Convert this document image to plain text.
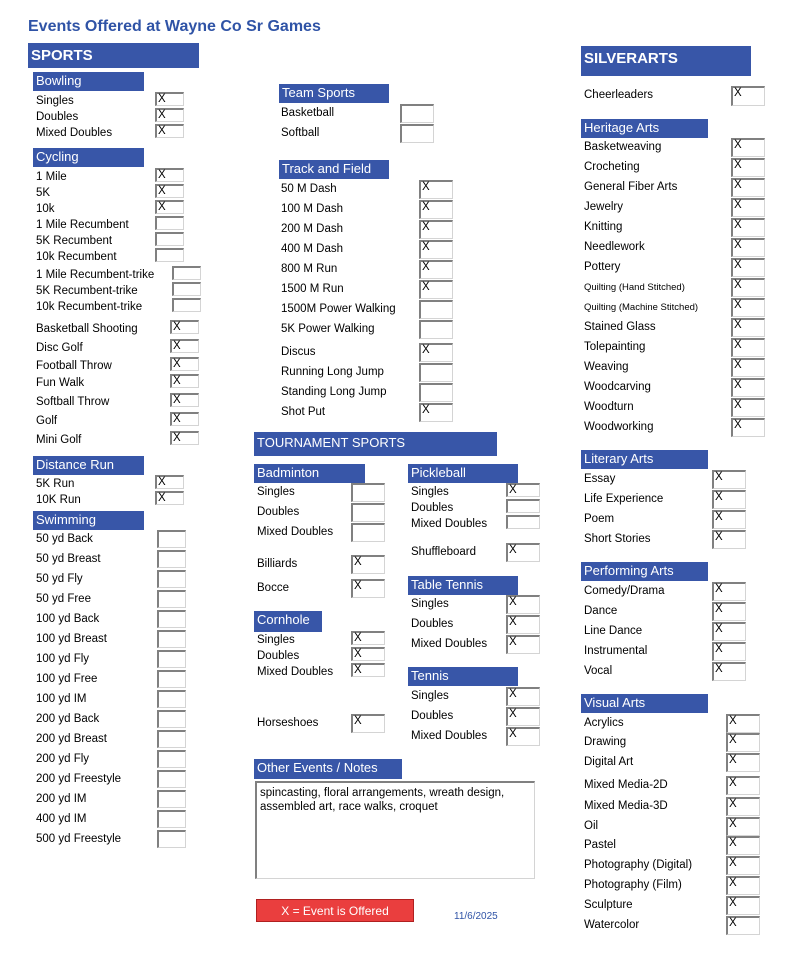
Events Offered at Wayne Co Sr Games
SPORTS	SILVERARTS
Bowling
Cycling
Distance Run
Swimming
Team Sports
Track and Field
TOURNAMENT SPORTS
Badminton	Pickleball
Table Tennis
Cornhole
Tennis
Other Events / Notes
Heritage Arts
Literary Arts
Performing Arts
Visual Arts
Singles	X
Doubles	X
Mixed Doubles	X
1 Mile	X
5K	X
10k	X
1 Mile Recumbent
5K Recumbent
10k Recumbent
1 Mile Recumbent-trike
5K Recumbent-trike
10k Recumbent-trike
Basketball Shooting	X
Disc Golf	X
Football Throw	X
Fun Walk	X
Softball Throw	X
Golf	X
Mini Golf	X
5K Run	X
10K Run	X
50 yd Back
50 yd Breast
50 yd Fly
50 yd Free
100 yd Back
100 yd Breast
100 yd Fly
100 yd Free
100 yd IM
200 yd Back
200 yd Breast
200 yd Fly
200 yd Freestyle
200 yd IM
400 yd IM
500 yd Freestyle
Basketball
Softball
50 M Dash	X
100 M Dash	X
200 M Dash	X
400 M Dash	X
800 M Run	X
1500 M Run	X
1500M Power Walking
5K Power Walking
Discus	X
Running Long Jump
Standing Long Jump
Shot Put	X
Singles
Doubles
Mixed Doubles
Billiards	X
Bocce	X
Singles	X
Doubles	X
Mixed Doubles X
Horseshoes	X
Singles	X
Doubles
Mixed Doubles
Shuffleboard	X
Singles	X
Doubles	X
Mixed Doubles X
Singles	X
Doubles	X
Mixed Doubles X
spincasting, floral arrangements, wreath design, assembled art, race walks, croquet
X = Event is Offered	11/6/2025
Cheerleaders	X
Basketweaving	X
Crocheting	X
General Fiber Arts	X
Jewelry	X
Knitting	X
Needlework	X
Pottery	X
Quilting (Hand Stitched)	X
Quilting (Machine Stitched)	X
Stained Glass	X
Tolepainting	X
Weaving	X
Woodcarving	X
Woodturn	X
Woodworking	X
Essay	X
Life Experience	X
Poem	X
Short Stories	X
Comedy/Drama	X
Dance	X
Line Dance	X
Instrumental	X
Vocal	X
Acrylics	X
Drawing	X
Digital Art	X
Mixed Media-2D	X
Mixed Media-3D	X
Oil	X
Pastel	X
Photography (Digital)	X
Photography (Film)	X
Sculpture	X
Watercolor	X
